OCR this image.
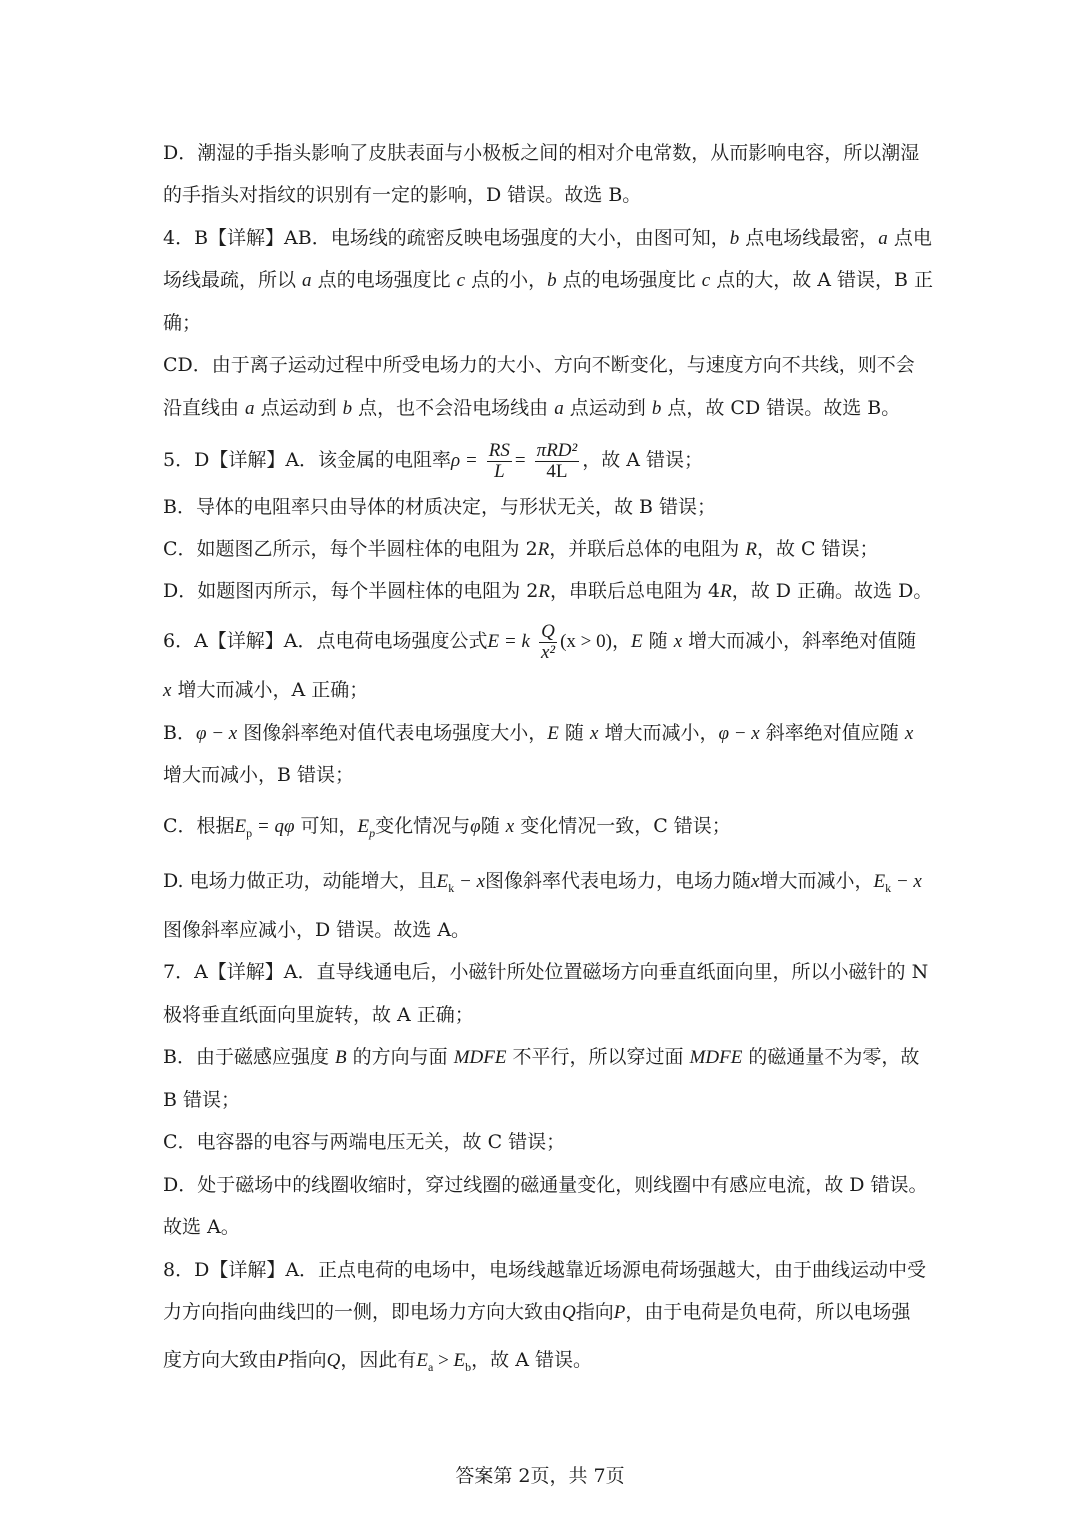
D．潮湿的手指头影响了皮肤表面与小极板之间的相对介电常数，从而影响电容，所以潮湿
的手指头对指纹的识别有一定的影响，D 错误。故选 B。
4．B【详解】AB．电场线的疏密反映电场强度的大小，由图可知，b 点电场线最密，a 点电
场线最疏，所以 a 点的电场强度比 c 点的小，b 点的电场强度比 c 点的大，故 A 错误，B 正
确；
CD．由于离子运动过程中所受电场力的大小、方向不断变化，与速度方向不共线，则不会
沿直线由 a 点运动到 b 点，也不会沿电场线由 a 点运动到 b 点，故 CD 错误。故选 B。
5．D【详解】A．该金属的电阻率$\rho = \frac{RS}{L} = \frac{\text{πRD²}}{4L}$ ，故 A 错误；
B．导体的电阻率只由导体的材质决定，与形状无关，故 B 错误；
C．如题图乙所示，每个半圆柱体的电阻为 2R，并联后总体的电阻为 R，故 C 错误；
D．如题图丙所示，每个半圆柱体的电阻为 2R，串联后总电阻为 4R，故 D 正确。故选 D。
6．A【详解】A．点电荷电场强度公式E = k $\frac{Q}{\text{x²}} (x > 0)$，E 随 x 增大而减小，斜率绝对值随
x 增大而减小，A 正确；
B．φ − x 图像斜率绝对值代表电场强度大小，E 随 x 增大而减小，φ − x 斜率绝对值应随 x
增大而减小，B 错误；
C．根据$E_p = q\varphi$ 可知，$E_p$变化情况与φ随 x 变化情况一致，C 错误；
D. 电场力做正功，动能增大，且$E_k - x$图像斜率代表电场力，电场力随x增大而减小，$E_k - x$
图像斜率应减小，D 错误。故选 A。
7．A【详解】A．直导线通电后，小磁针所处位置磁场方向垂直纸面向里，所以小磁针的 N
极将垂直纸面向里旋转，故 A 正确；
B．由于磁感应强度 B 的方向与面 MDFE 不平行，所以穿过面 MDFE 的磁通量不为零，故
B 错误；
C．电容器的电容与两端电压无关，故 C 错误；
D．处于磁场中的线圈收缩时，穿过线圈的磁通量变化，则线圈中有感应电流，故 D 错误。
故选 A。
8．D【详解】A．正点电荷的电场中，电场线越靠近场源电荷场强越大，由于曲线运动中受
力方向指向曲线凹的一侧，即电场力方向大致由Q指向P，由于电荷是负电荷，所以电场强
度方向大致由P指向Q，因此有$E_a > E_b$，故 A 错误。
答案第 2页，共 7页
